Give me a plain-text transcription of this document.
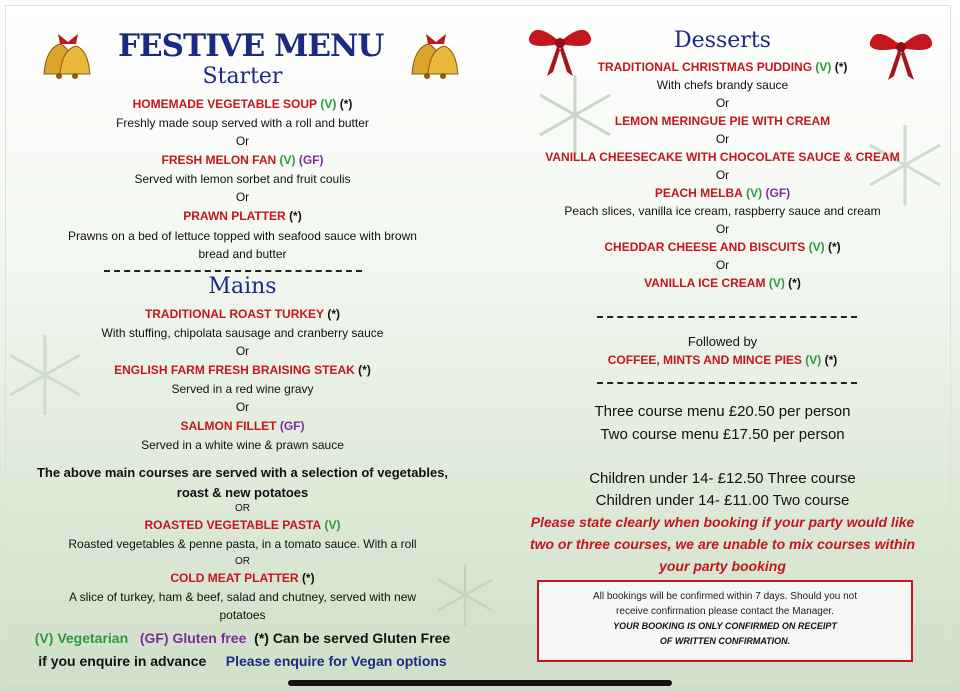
FESTIVE MENU
Starter
HOMEMADE VEGETABLE SOUP (V) (*)
Freshly made soup served with a roll and butter
Or
FRESH MELON FAN (V) (GF)
Served with lemon sorbet and fruit coulis
Or
PRAWN PLATTER (*)
Prawns on a bed of lettuce topped with seafood sauce with brown
bread and butter
Mains
TRADITIONAL ROAST TURKEY (*)
With stuffing, chipolata sausage and cranberry sauce
Or
ENGLISH FARM FRESH BRAISING STEAK (*)
Served in a red wine gravy
Or
SALMON FILLET (GF)
Served in a white wine & prawn sauce
The above main courses are served with a selection of vegetables,
roast & new potatoes
OR
ROASTED VEGETABLE PASTA (V)
Roasted vegetables & penne pasta, in a tomato sauce. With a roll
OR
COLD MEAT PLATTER (*)
A slice of turkey, ham & beef, salad and chutney, served with new
potatoes
(V) Vegetarian (GF) Gluten free (*) Can be served Gluten Free
if you enquire in advance Please enquire for Vegan options
Desserts
TRADITIONAL CHRISTMAS PUDDING (V) (*)
With chefs brandy sauce
Or
LEMON MERINGUE PIE WITH CREAM
Or
VANILLA CHEESECAKE WITH CHOCOLATE SAUCE & CREAM
Or
PEACH MELBA (V) (GF)
Peach slices, vanilla ice cream, raspberry sauce and cream
Or
CHEDDAR CHEESE AND BISCUITS (V) (*)
Or
VANILLA ICE CREAM (V) (*)
Followed by
COFFEE, MINTS AND MINCE PIES (V) (*)
Three course menu £20.50 per person
Two course menu £17.50 per person
Children under 14- £12.50 Three course
Children under 14- £11.00 Two course
Please state clearly when booking if your party would like
two or three courses, we are unable to mix courses within
your party booking
All bookings will be confirmed within 7 days. Should you not
receive confirmation please contact the Manager.
YOUR BOOKING IS ONLY CONFIRMED ON RECEIPT
OF WRITTEN CONFIRMATION.
